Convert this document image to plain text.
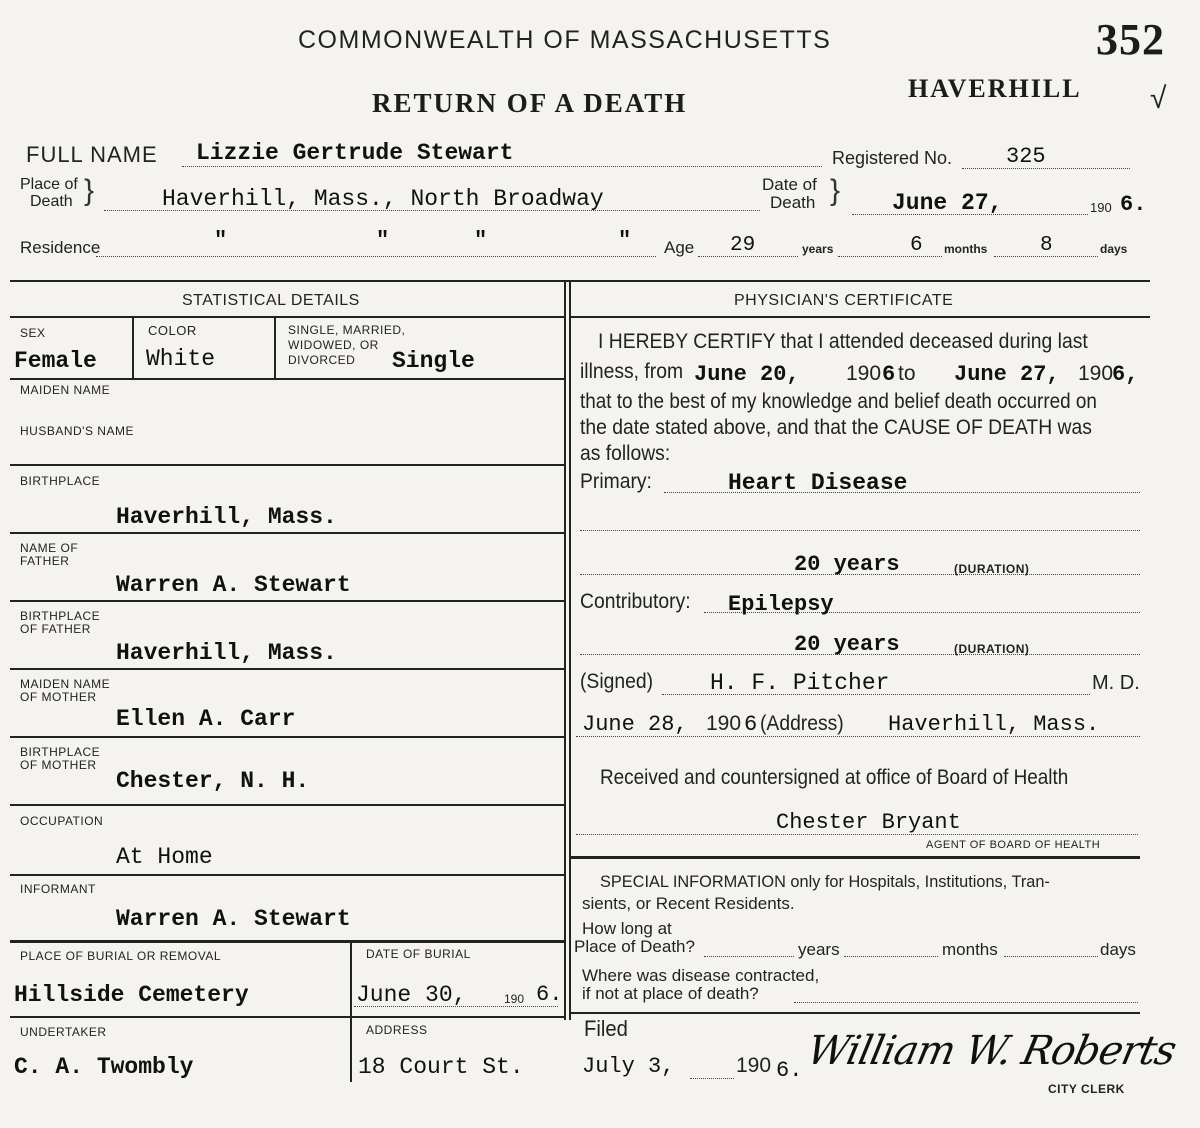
COMMONWEALTH OF MASSACHUSETTS	352
RETURN OF A DEATH	HAVERHILL √
FULL NAME Lizzie Gertrude Stewart	Registered No. 325
Place of
Death }	Haverhill, Mass., North Broadway
Date of
Death } June 27,	190 6.
Residence	"	"	"	" Age 29	years	6 months	8	days
STATISTICAL DETAILS
SEX
Female
COLOR
White
SINGLE, MARRIED,
WIDOWED, OR
DIVORCED	Single
MAIDEN NAME
HUSBAND'S NAME
BIRTHPLACE
Haverhill, Mass.
NAME OF
FATHER
Warren A. Stewart
BIRTHPLACE
OF FATHER
Haverhill, Mass.
MAIDEN NAME
OF MOTHER
Ellen A. Carr
BIRTHPLACE
OF MOTHER
Chester, N. H.
OCCUPATION
At Home
INFORMANT
Warren A. Stewart
PLACE OF BURIAL OR REMOVAL	DATE OF BURIAL
Hillside Cemetery	June 30,	190 6.
UNDERTAKER	ADDRESS
C. A. Twombly	18 Court St.
PHYSICIAN'S CERTIFICATE
I HEREBY CERTIFY that I attended deceased during last
illness, from June 20, 190 6 to June 27, 190
6,
that to the best of my knowledge and belief death occurred on
the date stated above, and that the CAUSE OF DEATH was
as follows:
Primary:	Heart Disease
20 years	(DURATION)
Contributory: Epilepsy
20 years	(DURATION)
(Signed) H. F. Pitcher	M. D.
June 28, 190 6 (Address) Haverhill, Mass.
Received and countersigned at office of Board of Health
Chester Bryant
AGENT OF BOARD OF HEALTH
SPECIAL INFORMATION only for Hospitals, Institutions, Tran-
sients, or Recent Residents.
How long at
Place of Death?	years	months	days
Where was disease contracted,
if not at place of death?
Filed
July 3,	190 6. William W. Roberts
CITY CLERK
